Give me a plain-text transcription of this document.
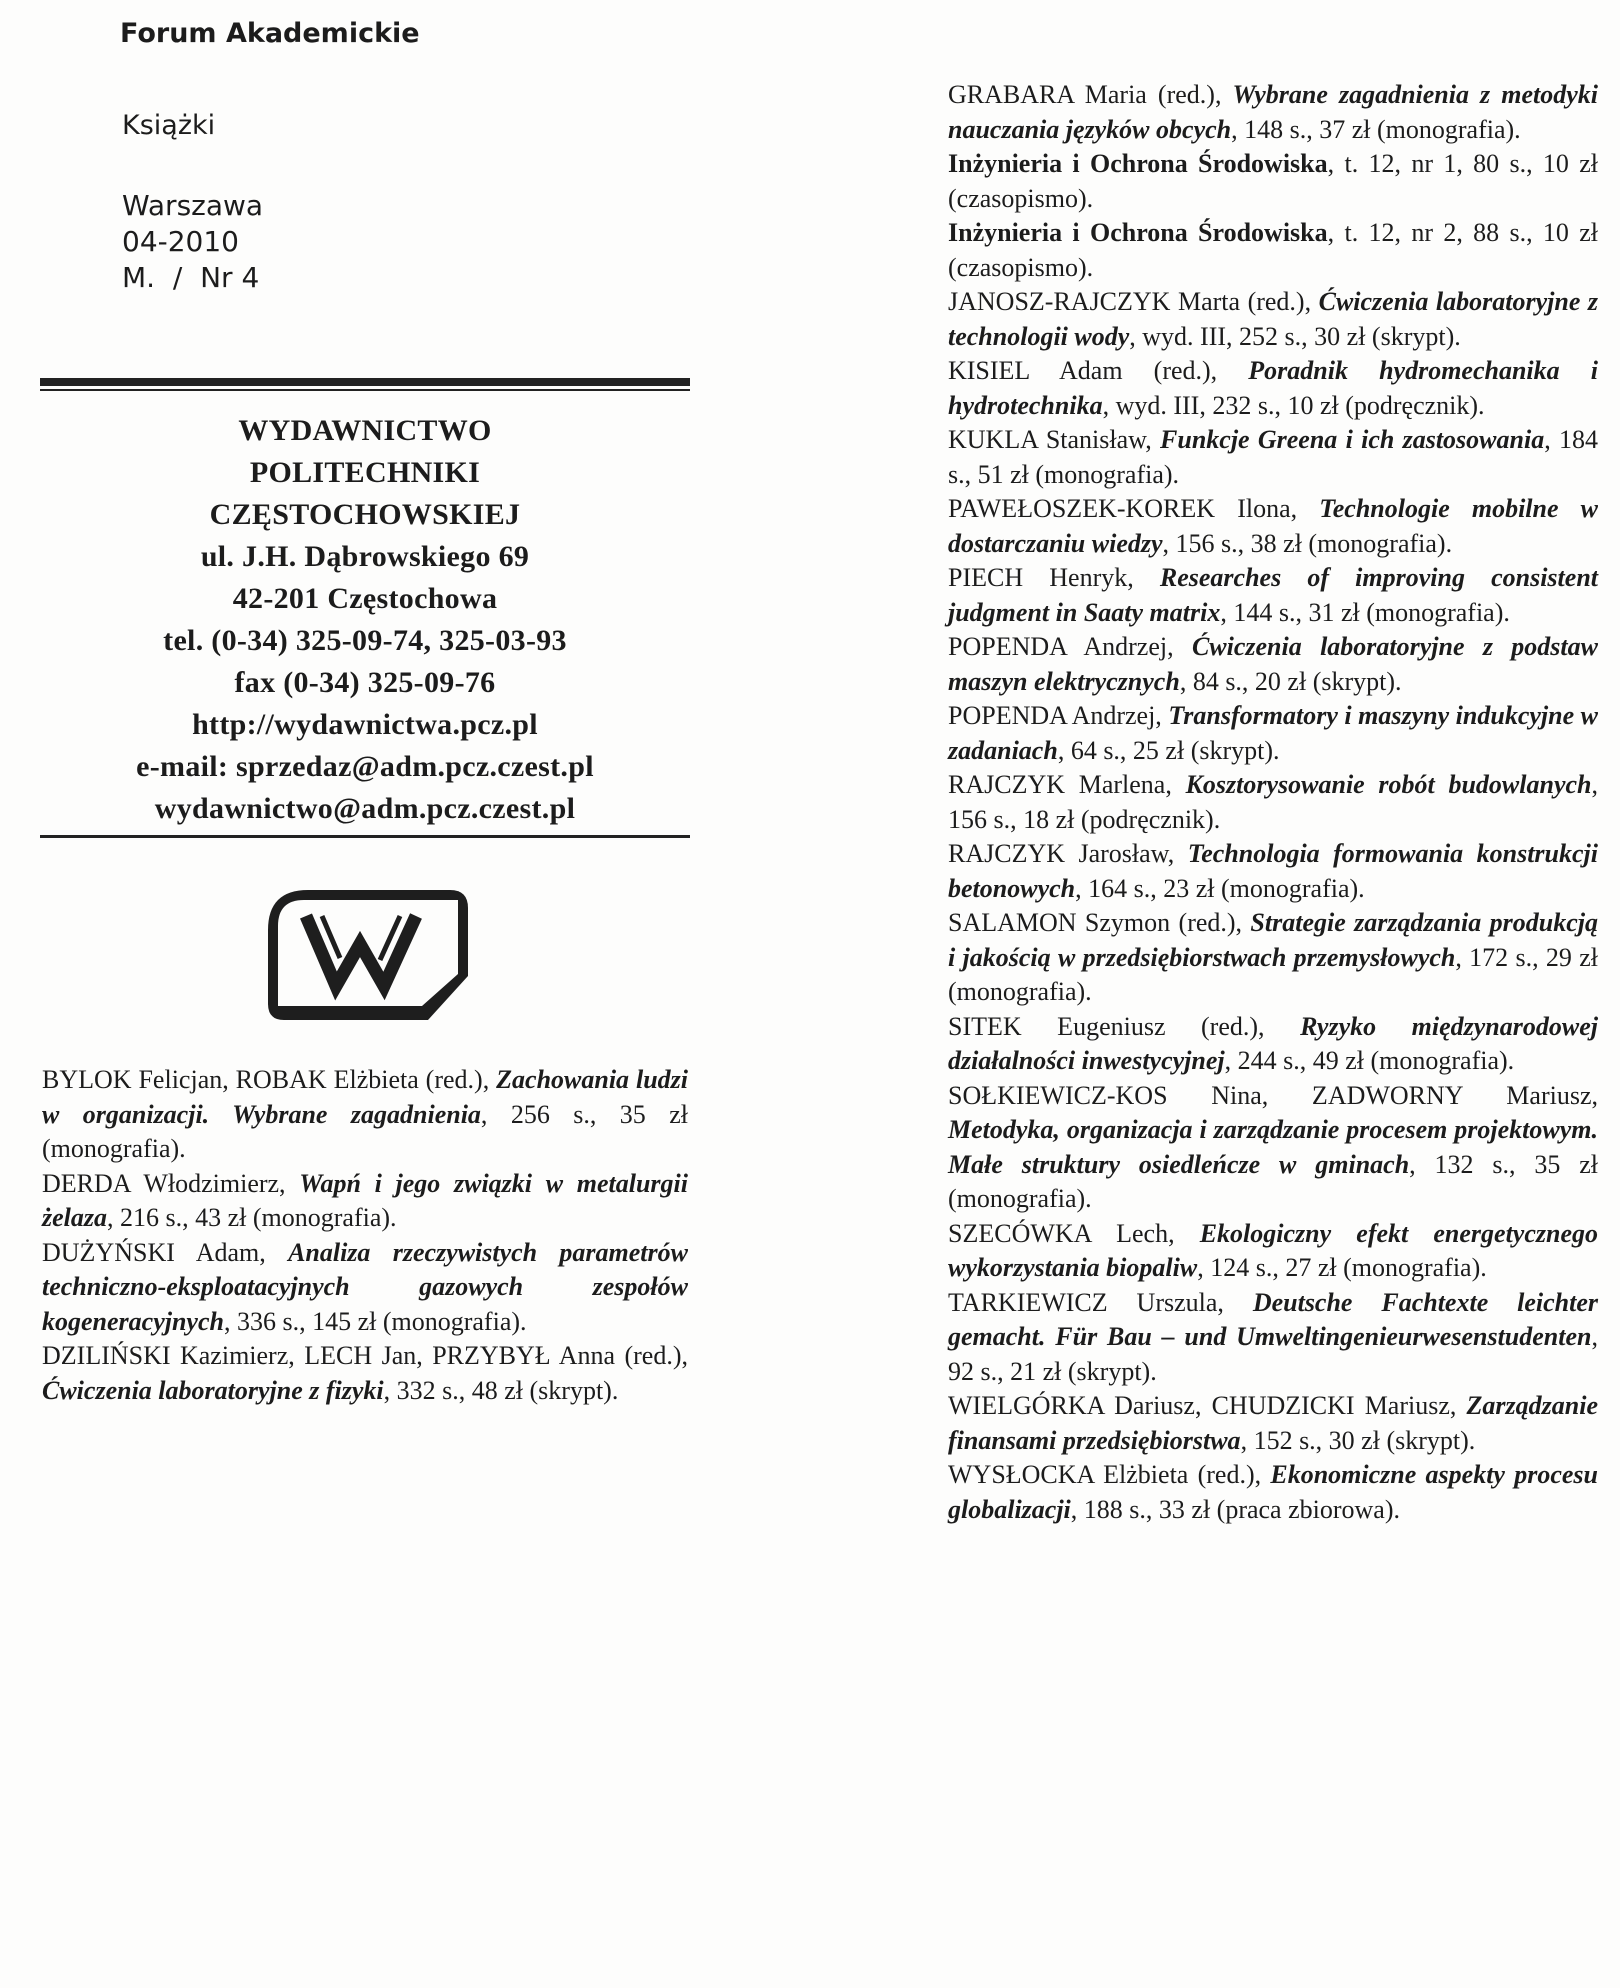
Forum Akademickie
Książki
Warszawa
04-2010
M.  /  Nr 4
WYDAWNICTWO
POLITECHNIKI
CZĘSTOCHOWSKIEJ
ul. J.H. Dąbrowskiego 69
42-201 Częstochowa
tel. (0-34) 325-09-74, 325-03-93
fax (0-34) 325-09-76
http://wydawnictwa.pcz.pl
e-mail: sprzedaz@adm.pcz.czest.pl
wydawnictwo@adm.pcz.czest.pl

BYLOK Felicjan, ROBAK Elżbieta (red.), Zachowania ludzi w organizacji. Wybrane zagadnienia, 256 s., 35 zł (monografia).

DERDA Włodzimierz, Wapń i jego związki w metalurgii żelaza, 216 s., 43 zł (monografia).

DUŻYŃSKI Adam, Analiza rzeczywistych parametrów techniczno-eksploatacyjnych gazowych zespołów kogeneracyjnych, 336 s., 145 zł (monografia).

DZILIŃSKI Kazimierz, LECH Jan, PRZYBYŁ Anna (red.), Ćwiczenia laboratoryjne z fizyki, 332 s., 48 zł (skrypt).

GRABARA Maria (red.), Wybrane zagadnienia z metodyki nauczania języków obcych, 148 s., 37 zł (monografia).

Inżynieria i Ochrona Środowiska, t. 12, nr 1, 80 s., 10 zł (czasopismo).

Inżynieria i Ochrona Środowiska, t. 12, nr 2, 88 s., 10 zł (czasopismo).

JANOSZ-RAJCZYK Marta (red.), Ćwiczenia laboratoryjne z technologii wody, wyd. III, 252 s., 30 zł (skrypt).

KISIEL Adam (red.), Poradnik hydromechanika i hydrotechnika, wyd. III, 232 s., 10 zł (podręcznik).

KUKLA Stanisław, Funkcje Greena i ich zastosowania, 184 s., 51 zł (monografia).

PAWEŁOSZEK-KOREK Ilona, Technologie mobilne w dostarczaniu wiedzy, 156 s., 38 zł (monografia).

PIECH Henryk, Researches of improving consistent judgment in Saaty matrix, 144 s., 31 zł (monografia).

POPENDA Andrzej, Ćwiczenia laboratoryjne z podstaw maszyn elektrycznych, 84 s., 20 zł (skrypt).

POPENDA Andrzej, Transformatory i maszyny indukcyjne w zadaniach, 64 s., 25 zł (skrypt).

RAJCZYK Marlena, Kosztorysowanie robót budowlanych, 156 s., 18 zł (podręcznik).

RAJCZYK Jarosław, Technologia formowania konstrukcji betonowych, 164 s., 23 zł (monografia).

SALAMON Szymon (red.), Strategie zarządzania produkcją i jakością w przedsiębiorstwach przemysłowych, 172 s., 29 zł (monografia).

SITEK Eugeniusz (red.), Ryzyko międzynarodowej działalności inwestycyjnej, 244 s., 49 zł (monografia).

SOŁKIEWICZ-KOS Nina, ZADWORNY Mariusz, Metodyka, organizacja i zarządzanie procesem projektowym. Małe struktury osiedleńcze w gminach, 132 s., 35 zł (monografia).

SZECÓWKA Lech, Ekologiczny efekt energetycznego wykorzystania biopaliw, 124 s., 27 zł (monografia).

TARKIEWICZ Urszula, Deutsche Fachtexte leichter gemacht. Für Bau – und Umweltingenieurwesenstudenten, 92 s., 21 zł (skrypt).

WIELGÓRKA Dariusz, CHUDZICKI Mariusz, Zarządzanie finansami przedsiębiorstwa, 152 s., 30 zł (skrypt).

WYSŁOCKA Elżbieta (red.), Ekonomiczne aspekty procesu globalizacji, 188 s., 33 zł (praca zbiorowa).
